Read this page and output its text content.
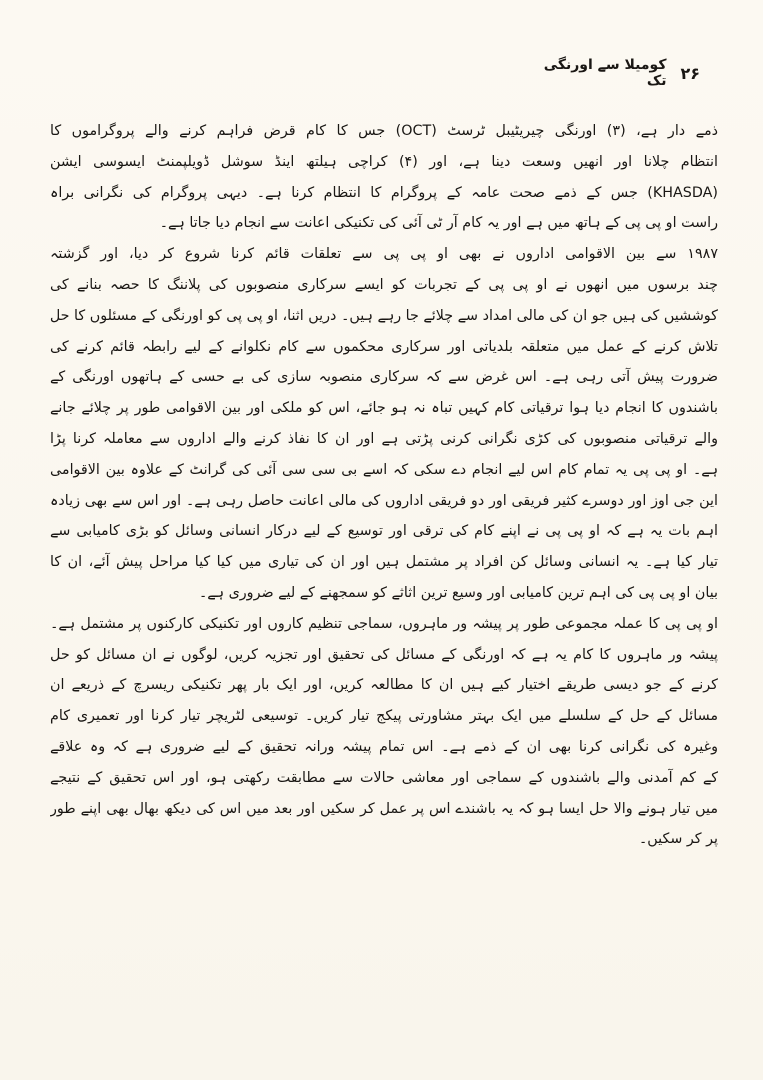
۲۶
کومیلا سے اورنگی تک
ذمے دار ہے، (۳) اورنگی چیریٹیبل ٹرسٹ (OCT) جس کا کام قرض فراہم کرنے والے پروگراموں کا
انتظام چلانا اور انھیں وسعت دینا ہے، اور (۴) کراچی ہیلتھ اینڈ سوشل ڈویلپمنٹ ایسوسی ایشن
(KHASDA) جس کے ذمے صحت عامہ کے پروگرام کا انتظام کرنا ہے۔ دیہی پروگرام کی نگرانی براہ
راست او پی پی کے ہاتھ میں ہے اور یہ کام آر ٹی آئی کی تکنیکی اعانت سے انجام دیا جاتا ہے۔
۱۹۸۷ سے بین الاقوامی اداروں نے بھی او پی پی سے تعلقات قائم کرنا شروع کر دیا، اور گزشتہ
چند برسوں میں انھوں نے او پی پی کے تجربات کو ایسے سرکاری منصوبوں کی پلاننگ کا حصہ بنانے کی
کوششیں کی ہیں جو ان کی مالی امداد سے چلائے جا رہے ہیں۔ دریں اثنا، او پی پی کو اورنگی کے مسئلوں کا حل
تلاش کرنے کے عمل میں متعلقہ بلدیاتی اور سرکاری محکموں سے کام نکلوانے کے لیے رابطہ قائم کرنے کی
ضرورت پیش آتی رہی ہے۔ اس غرض سے کہ سرکاری منصوبہ سازی کی بے حسی کے ہاتھوں اورنگی کے
باشندوں کا انجام دیا ہوا ترقیاتی کام کہیں تباہ نہ ہو جائے، اس کو ملکی اور بین الاقوامی طور پر چلائے جانے
والے ترقیاتی منصوبوں کی کڑی نگرانی کرنی پڑتی ہے اور ان کا نفاذ کرنے والے اداروں سے معاملہ کرنا پڑا
ہے۔ او پی پی یہ تمام کام اس لیے انجام دے سکی کہ اسے بی سی سی آئی کی گرانٹ کے علاوہ بین الاقوامی
این جی اوز اور دوسرے کثیر فریقی اور دو فریقی اداروں کی مالی اعانت حاصل رہی ہے۔ اور اس سے بھی زیادہ
اہم بات یہ ہے کہ او پی پی نے اپنے کام کی ترقی اور توسیع کے لیے درکار انسانی وسائل کو بڑی کامیابی سے
تیار کیا ہے۔ یہ انسانی وسائل کن افراد پر مشتمل ہیں اور ان کی تیاری میں کیا کیا مراحل پیش آئے، ان کا
بیان او پی پی کی اہم ترین کامیابی اور وسیع ترین اثاثے کو سمجھنے کے لیے ضروری ہے۔
او پی پی کا عملہ مجموعی طور پر پیشہ ور ماہروں، سماجی تنظیم کاروں اور تکنیکی کارکنوں پر مشتمل ہے۔
پیشہ ور ماہروں کا کام یہ ہے کہ اورنگی کے مسائل کی تحقیق اور تجزیہ کریں، لوگوں نے ان مسائل کو حل
کرنے کے جو دیسی طریقے اختیار کیے ہیں ان کا مطالعہ کریں، اور ایک بار پھر تکنیکی ریسرچ کے ذریعے ان
مسائل کے حل کے سلسلے میں ایک بہتر مشاورتی پیکج تیار کریں۔ توسیعی لٹریچر تیار کرنا اور تعمیری کام
وغیرہ کی نگرانی کرنا بھی ان کے ذمے ہے۔ اس تمام پیشہ ورانہ تحقیق کے لیے ضروری ہے کہ وہ علاقے
کے کم آمدنی والے باشندوں کے سماجی اور معاشی حالات سے مطابقت رکھتی ہو، اور اس تحقیق کے نتیجے
میں تیار ہونے والا حل ایسا ہو کہ یہ باشندے اس پر عمل کر سکیں اور بعد میں اس کی دیکھ بھال بھی اپنے طور
پر کر سکیں۔
